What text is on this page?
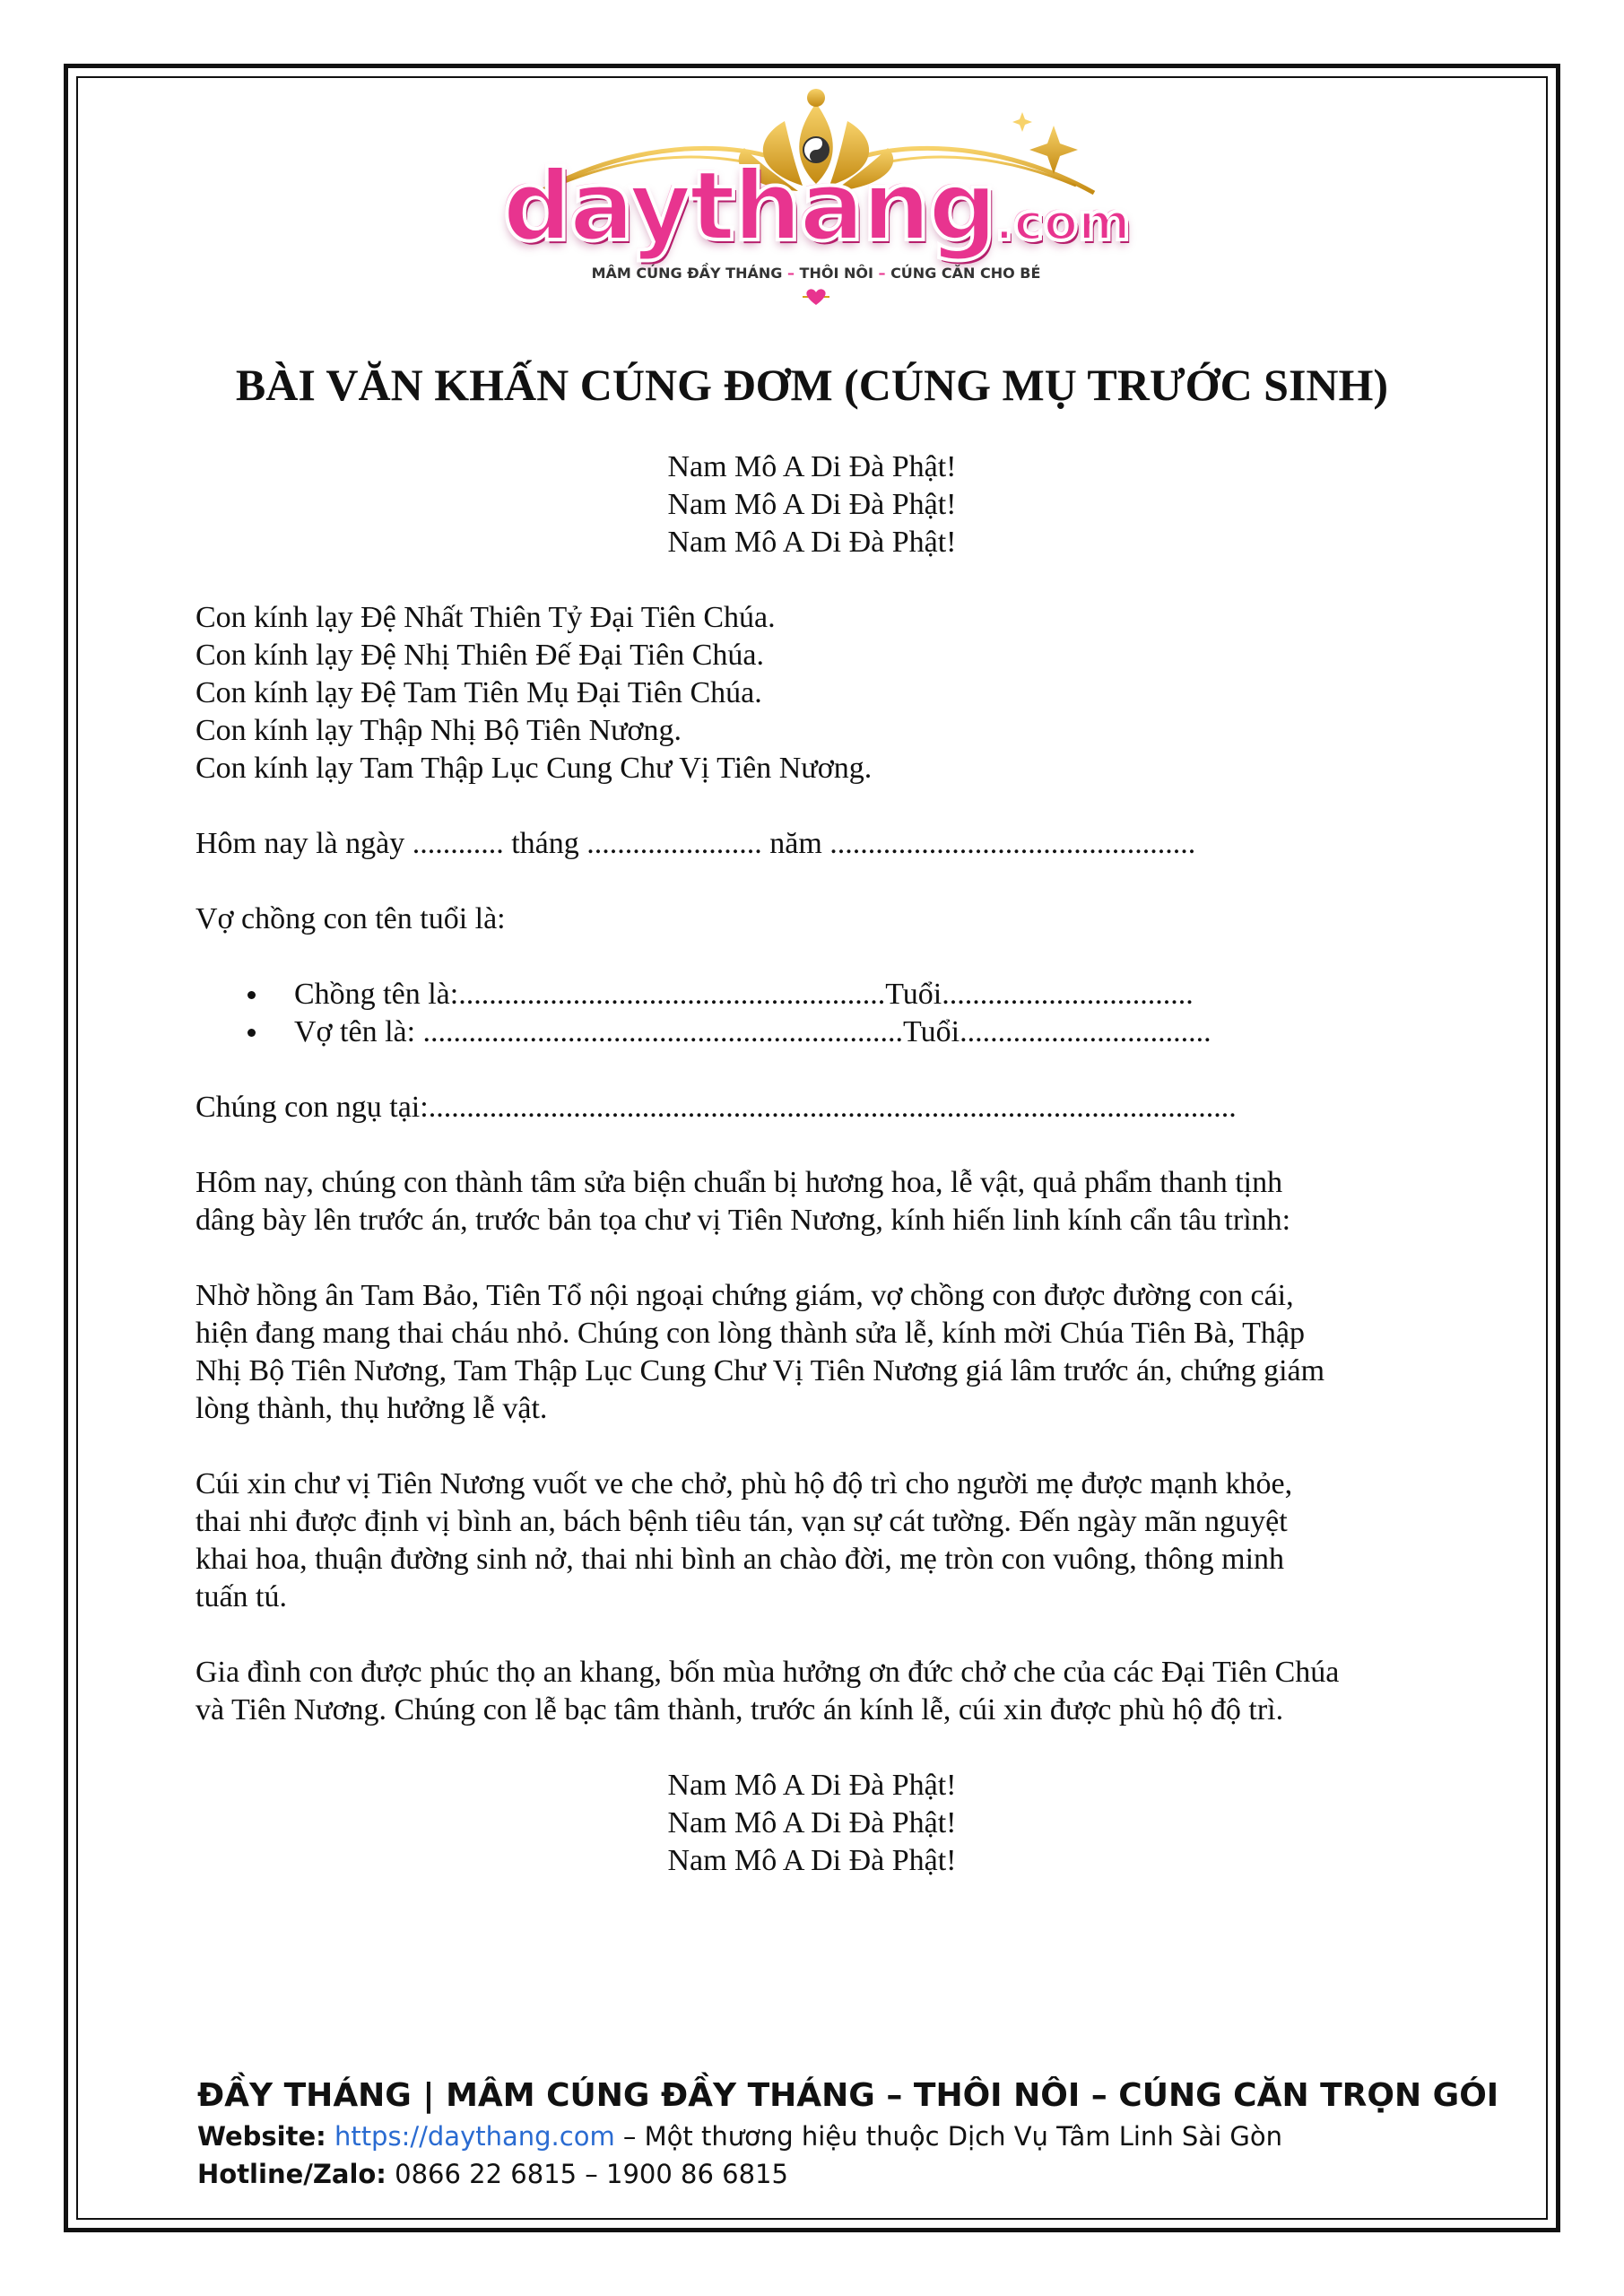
daythang.com
MÂM CÚNG ĐẦY THÁNG – THÔI NÔI – CÚNG CĂN CHO BÉ
BÀI VĂN KHẤN CÚNG ĐƠM (CÚNG MỤ TRƯỚC SINH)
Nam Mô A Di Đà Phật!
Nam Mô A Di Đà Phật!
Nam Mô A Di Đà Phật!
Con kính lạy Đệ Nhất Thiên Tỷ Đại Tiên Chúa.
Con kính lạy Đệ Nhị Thiên Đế Đại Tiên Chúa.
Con kính lạy Đệ Tam Tiên Mụ Đại Tiên Chúa.
Con kính lạy Thập Nhị Bộ Tiên Nương.
Con kính lạy Tam Thập Lục Cung Chư Vị Tiên Nương.
Hôm nay là ngày ............ tháng ....................... năm ................................................
Vợ chồng con tên tuổi là:
Chồng tên là:........................................................Tuổi.................................
Vợ tên là: ...............................................................Tuổi.................................
Chúng con ngụ tại:..........................................................................................................
Hôm nay, chúng con thành tâm sửa biện chuẩn bị hương hoa, lễ vật, quả phẩm thanh tịnh
dâng bày lên trước án, trước bản tọa chư vị Tiên Nương, kính hiến linh kính cẩn tâu trình:
Nhờ hồng ân Tam Bảo, Tiên Tổ nội ngoại chứng giám, vợ chồng con được đường con cái,
hiện đang mang thai cháu nhỏ. Chúng con lòng thành sửa lễ, kính mời Chúa Tiên Bà, Thập
Nhị Bộ Tiên Nương, Tam Thập Lục Cung Chư Vị Tiên Nương giá lâm trước án, chứng giám
lòng thành, thụ hưởng lễ vật.
Cúi xin chư vị Tiên Nương vuốt ve che chở, phù hộ độ trì cho người mẹ được mạnh khỏe,
thai nhi được định vị bình an, bách bệnh tiêu tán, vạn sự cát tường. Đến ngày mãn nguyệt
khai hoa, thuận đường sinh nở, thai nhi bình an chào đời, mẹ tròn con vuông, thông minh
tuấn tú.
Gia đình con được phúc thọ an khang, bốn mùa hưởng ơn đức chở che của các Đại Tiên Chúa
và Tiên Nương. Chúng con lễ bạc tâm thành, trước án kính lễ, cúi xin được phù hộ độ trì.
Nam Mô A Di Đà Phật!
Nam Mô A Di Đà Phật!
Nam Mô A Di Đà Phật!
ĐẦY THÁNG | MÂM CÚNG ĐẦY THÁNG – THÔI NÔI – CÚNG CĂN TRỌN GÓI
Website: https://daythang.com – Một thương hiệu thuộc Dịch Vụ Tâm Linh Sài Gòn
Hotline/Zalo: 0866 22 6815 – 1900 86 6815
